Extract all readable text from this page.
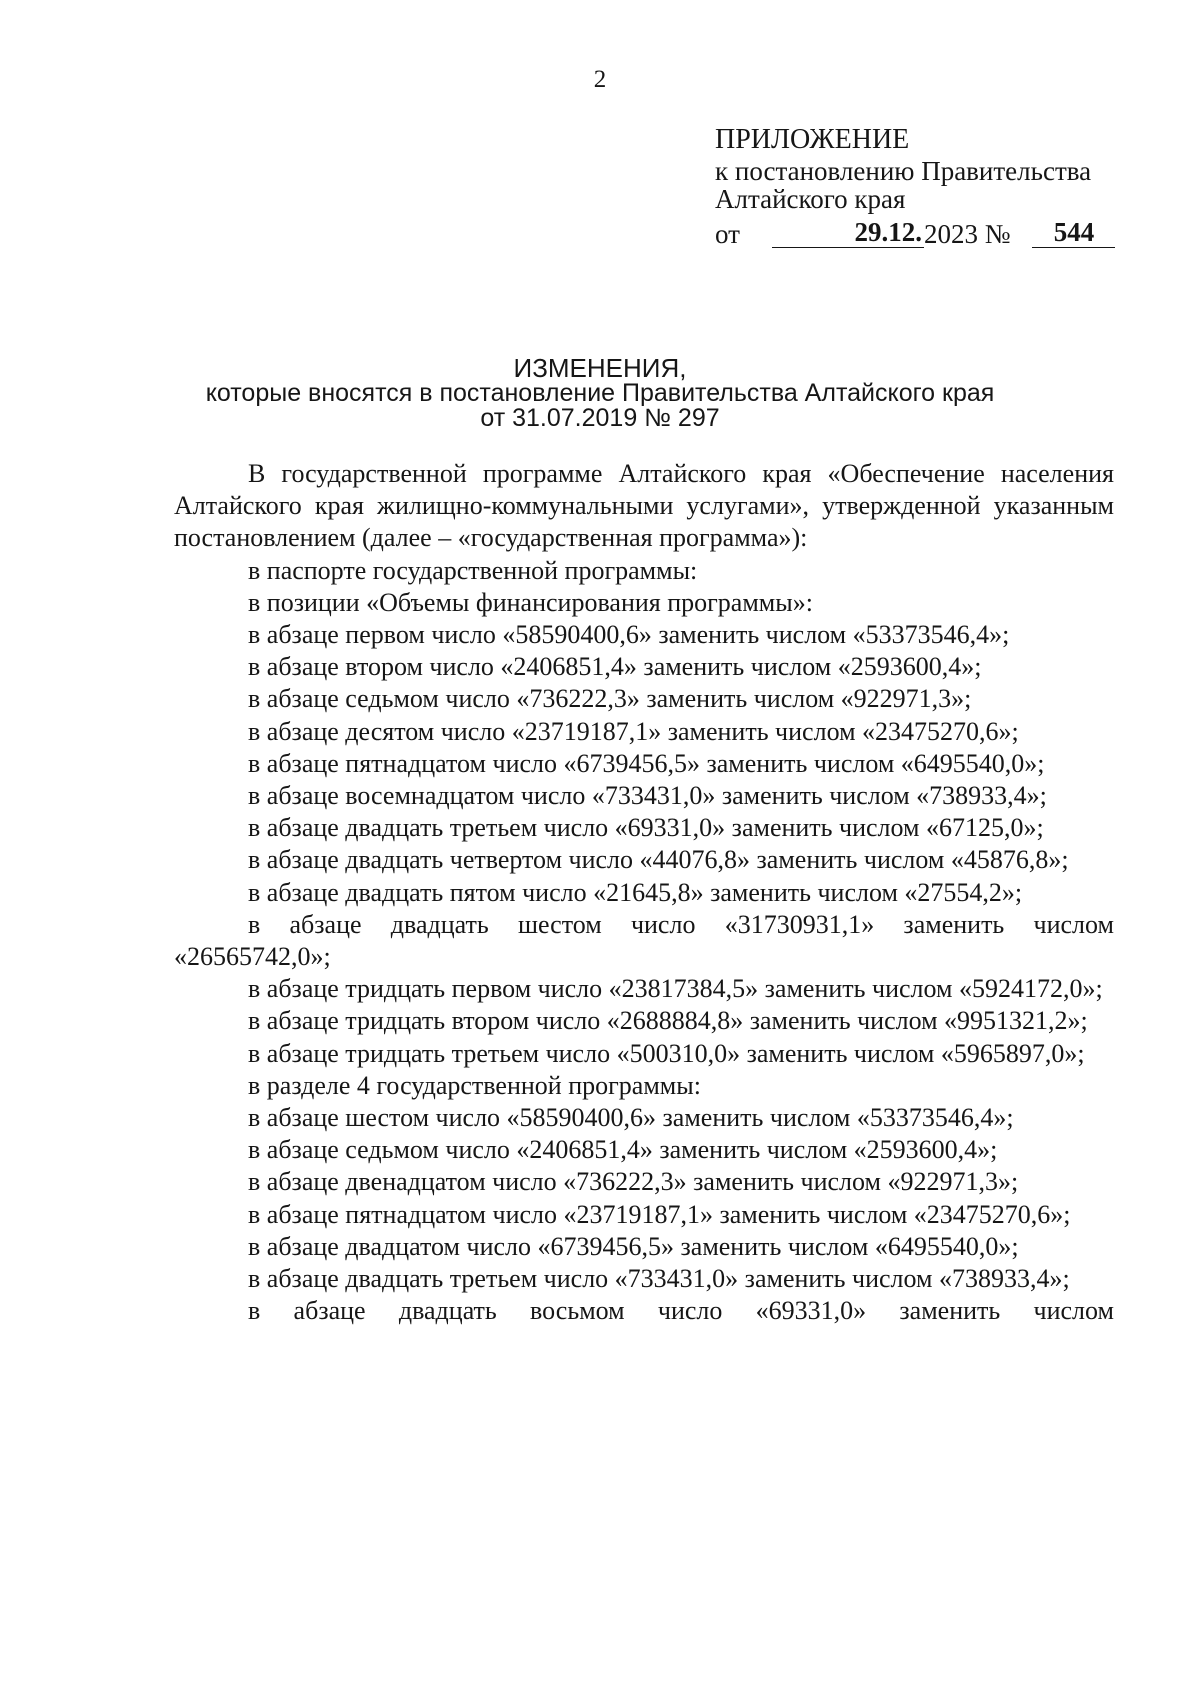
2
ПРИЛОЖЕНИЕ
к постановлению Правительства
Алтайского края
от	29.12. 2023 №	544
ИЗМЕНЕНИЯ,
которые вносятся в постановление Правительства Алтайского края
от 31.07.2019 № 297
В государственной программе Алтайского края «Обеспечение населения Алтайского края жилищно-коммунальными услугами», утвержденной указанным постановлением (далее – «государственная программа»):
в паспорте государственной программы:
в позиции «Объемы финансирования программы»:
в абзаце первом число «58590400,6» заменить числом «53373546,4»;
в абзаце втором число «2406851,4» заменить числом «2593600,4»;
в абзаце седьмом число «736222,3» заменить числом «922971,3»;
в абзаце десятом число «23719187,1» заменить числом «23475270,6»;
в абзаце пятнадцатом число «6739456,5» заменить числом «6495540,0»;
в абзаце восемнадцатом число «733431,0» заменить числом «738933,4»;
в абзаце двадцать третьем число «69331,0» заменить числом «67125,0»;
в абзаце двадцать четвертом число «44076,8» заменить числом «45876,8»;
в абзаце двадцать пятом число «21645,8» заменить числом «27554,2»;
в абзаце двадцать шестом число «31730931,1» заменить числом «26565742,0»;
в абзаце тридцать первом число «23817384,5» заменить числом «5924172,0»;
в абзаце тридцать втором число «2688884,8» заменить числом «9951321,2»;
в абзаце тридцать третьем число «500310,0» заменить числом «5965897,0»;
в разделе 4 государственной программы:
в абзаце шестом число «58590400,6» заменить числом «53373546,4»;
в абзаце седьмом число «2406851,4» заменить числом «2593600,4»;
в абзаце двенадцатом число «736222,3» заменить числом «922971,3»;
в абзаце пятнадцатом число «23719187,1» заменить числом «23475270,6»;
в абзаце двадцатом число «6739456,5» заменить числом «6495540,0»;
в абзаце двадцать третьем число «733431,0» заменить числом «738933,4»;
в абзаце двадцать восьмом число «69331,0» заменить числом
